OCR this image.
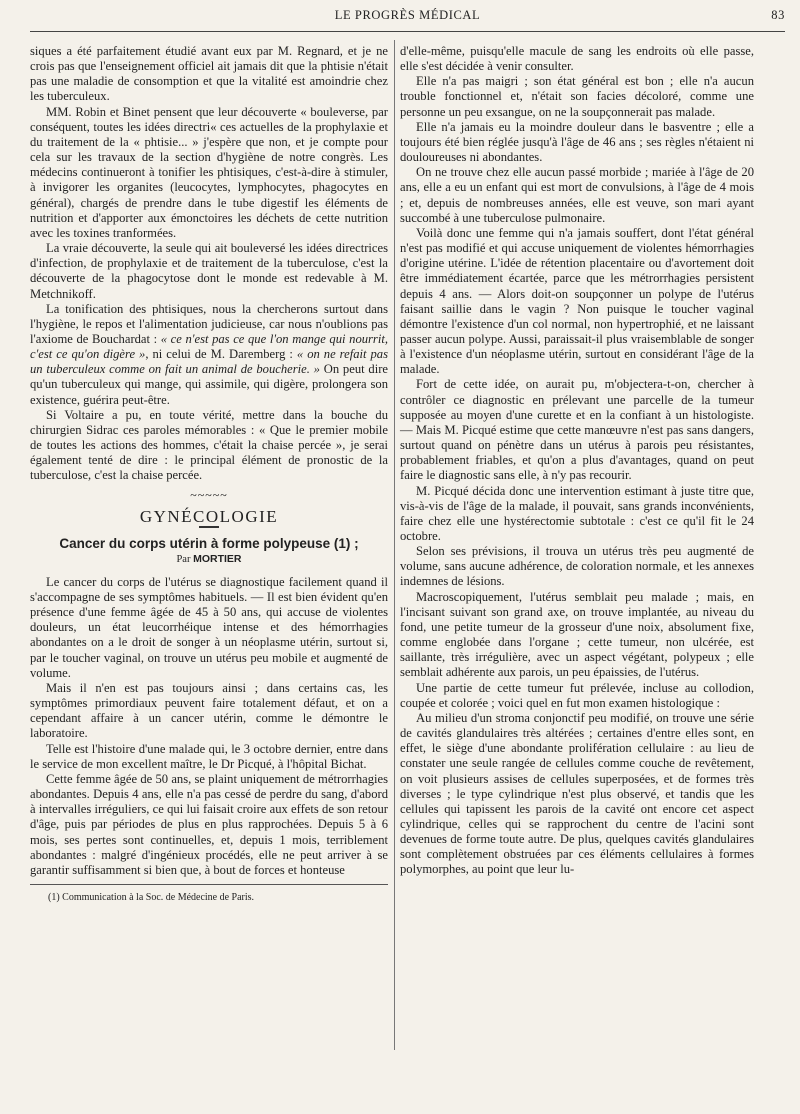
LE PROGRÈS MÉDICAL	83

siques a été parfaitement étudié avant eux par M. Regnard, et je ne crois pas que l'enseignement officiel ait jamais dit que la phtisie n'était pas une maladie de consomption et que la vitalité est amoindrie chez les tuberculeux.

MM. Robin et Binet pensent que leur découverte « bouleverse, par conséquent, toutes les idées directri« ces actuelles de la prophylaxie et du traitement de la « phtisie... » j'espère que non, et je compte pour cela sur les travaux de la section d'hygiène de notre congrès. Les médecins continueront à tonifier les phtisiques, c'est-à-dire à stimuler, à invigorer les organites (leucocytes, lymphocytes, phagocytes en général), chargés de prendre dans le tube digestif les éléments de nutrition et d'apporter aux émonctoires les déchets de cette nutrition avec les toxines tranformées.

La vraie découverte, la seule qui ait bouleversé les idées directrices d'infection, de prophylaxie et de traitement de la tuberculose, c'est la découverte de la phagocytose dont le monde est redevable à M. Metchnikoff.

La tonification des phtisiques, nous la chercherons surtout dans l'hygiène, le repos et l'alimentation judicieuse, car nous n'oublions pas l'axiome de Bouchardat : « ce n'est pas ce que l'on mange qui nourrit, c'est ce qu'on digère », ni celui de M. Daremberg : « on ne refait pas un tuberculeux comme on fait un animal de boucherie. » On peut dire qu'un tuberculeux qui mange, qui assimile, qui digère, prolongera son existence, guérira peut-être.

Si Voltaire a pu, en toute vérité, mettre dans la bouche du chirurgien Sidrac ces paroles mémorables : « Que le premier mobile de toutes les actions des hommes, c'était la chaise percée », je serai également tenté de dire : le principal élément de pronostic de la tuberculose, c'est la chaise percée.

~~~~~
GYNÉCOLOGIE
Cancer du corps utérin à forme polypeuse (1) ;
Par MORTIER

Le cancer du corps de l'utérus se diagnostique facilement quand il s'accompagne de ses symptômes habituels. — Il est bien évident qu'en présence d'une femme âgée de 45 à 50 ans, qui accuse de violentes douleurs, un état leucorrhéique intense et des hémorrhagies abondantes on a le droit de songer à un néoplasme utérin, surtout si, par le toucher vaginal, on trouve un utérus peu mobile et augmenté de volume.

Mais il n'en est pas toujours ainsi ; dans certains cas, les symptômes primordiaux peuvent faire totalement défaut, et on a cependant affaire à un cancer utérin, comme le démontre le laboratoire.

Telle est l'histoire d'une malade qui, le 3 octobre dernier, entre dans le service de mon excellent maître, le Dr Picqué, à l'hôpital Bichat.

Cette femme âgée de 50 ans, se plaint uniquement de métrorrhagies abondantes. Depuis 4 ans, elle n'a pas cessé de perdre du sang, d'abord à intervalles irréguliers, ce qui lui faisait croire aux effets de son retour d'âge, puis par périodes de plus en plus rapprochées. Depuis 5 à 6 mois, ses pertes sont continuelles, et, depuis 1 mois, terriblement abondantes : malgré d'ingénieux procédés, elle ne peut arriver à se garantir suffisamment si bien que, à bout de forces et honteuse

(1) Communication à la Soc. de Médecine de Paris.

d'elle-même, puisqu'elle macule de sang les endroits où elle passe, elle s'est décidée à venir consulter.

Elle n'a pas maigri ; son état général est bon ; elle n'a aucun trouble fonctionnel et, n'était son facies décoloré, comme une personne un peu exsangue, on ne la soupçonnerait pas malade.

Elle n'a jamais eu la moindre douleur dans le basventre ; elle a toujours été bien réglée jusqu'à l'âge de 46 ans ; ses règles n'étaient ni douloureuses ni abondantes.

On ne trouve chez elle aucun passé morbide ; mariée à l'âge de 20 ans, elle a eu un enfant qui est mort de convulsions, à l'âge de 4 mois ; et, depuis de nombreuses années, elle est veuve, son mari ayant succombé à une tuberculose pulmonaire.

Voilà donc une femme qui n'a jamais souffert, dont l'état général n'est pas modifié et qui accuse uniquement de violentes hémorrhagies d'origine utérine. L'idée de rétention placentaire ou d'avortement doit être immédiatement écartée, parce que les métrorrhagies persistent depuis 4 ans. — Alors doit-on soupçonner un polype de l'utérus faisant saillie dans le vagin ? Non puisque le toucher vaginal démontre l'existence d'un col normal, non hypertrophié, et ne laissant passer aucun polype. Aussi, paraissait-il plus vraisemblable de songer à l'existence d'un néoplasme utérin, surtout en considérant l'âge de la malade.

Fort de cette idée, on aurait pu, m'objectera-t-on, chercher à contrôler ce diagnostic en prélevant une parcelle de la tumeur supposée au moyen d'une curette et en la confiant à un histologiste. — Mais M. Picqué estime que cette manœuvre n'est pas sans dangers, surtout quand on pénètre dans un utérus à parois peu résistantes, probablement friables, et qu'on a plus d'avantages, quand on peut faire le diagnostic sans elle, à n'y pas recourir.

M. Picqué décida donc une intervention estimant à juste titre que, vis-à-vis de l'âge de la malade, il pouvait, sans grands inconvénients, faire chez elle une hystérectomie subtotale : c'est ce qu'il fit le 24 octobre.

Selon ses prévisions, il trouva un utérus très peu augmenté de volume, sans aucune adhérence, de coloration normale, et les annexes indemnes de lésions.

Macroscopiquement, l'utérus semblait peu malade ; mais, en l'incisant suivant son grand axe, on trouve implantée, au niveau du fond, une petite tumeur de la grosseur d'une noix, absolument fixe, comme englobée dans l'organe ; cette tumeur, non ulcérée, est saillante, très irrégulière, avec un aspect végétant, polypeux ; elle semblait adhérente aux parois, un peu épaissies, de l'utérus.

Une partie de cette tumeur fut prélevée, incluse au collodion, coupée et colorée ; voici quel en fut mon examen histologique :

Au milieu d'un stroma conjonctif peu modifié, on trouve une série de cavités glandulaires très altérées ; certaines d'entre elles sont, en effet, le siège d'une abondante prolifération cellulaire : au lieu de constater une seule rangée de cellules comme couche de revêtement, on voit plusieurs assises de cellules superposées, et de formes très diverses ; le type cylindrique n'est plus observé, et tandis que les cellules qui tapissent les parois de la cavité ont encore cet aspect cylindrique, celles qui se rapprochent du centre de l'acini sont devenues de forme toute autre. De plus, quelques cavités glandulaires sont complètement obstruées par ces éléments cellulaires à formes polymorphes, au point que leur lu-
